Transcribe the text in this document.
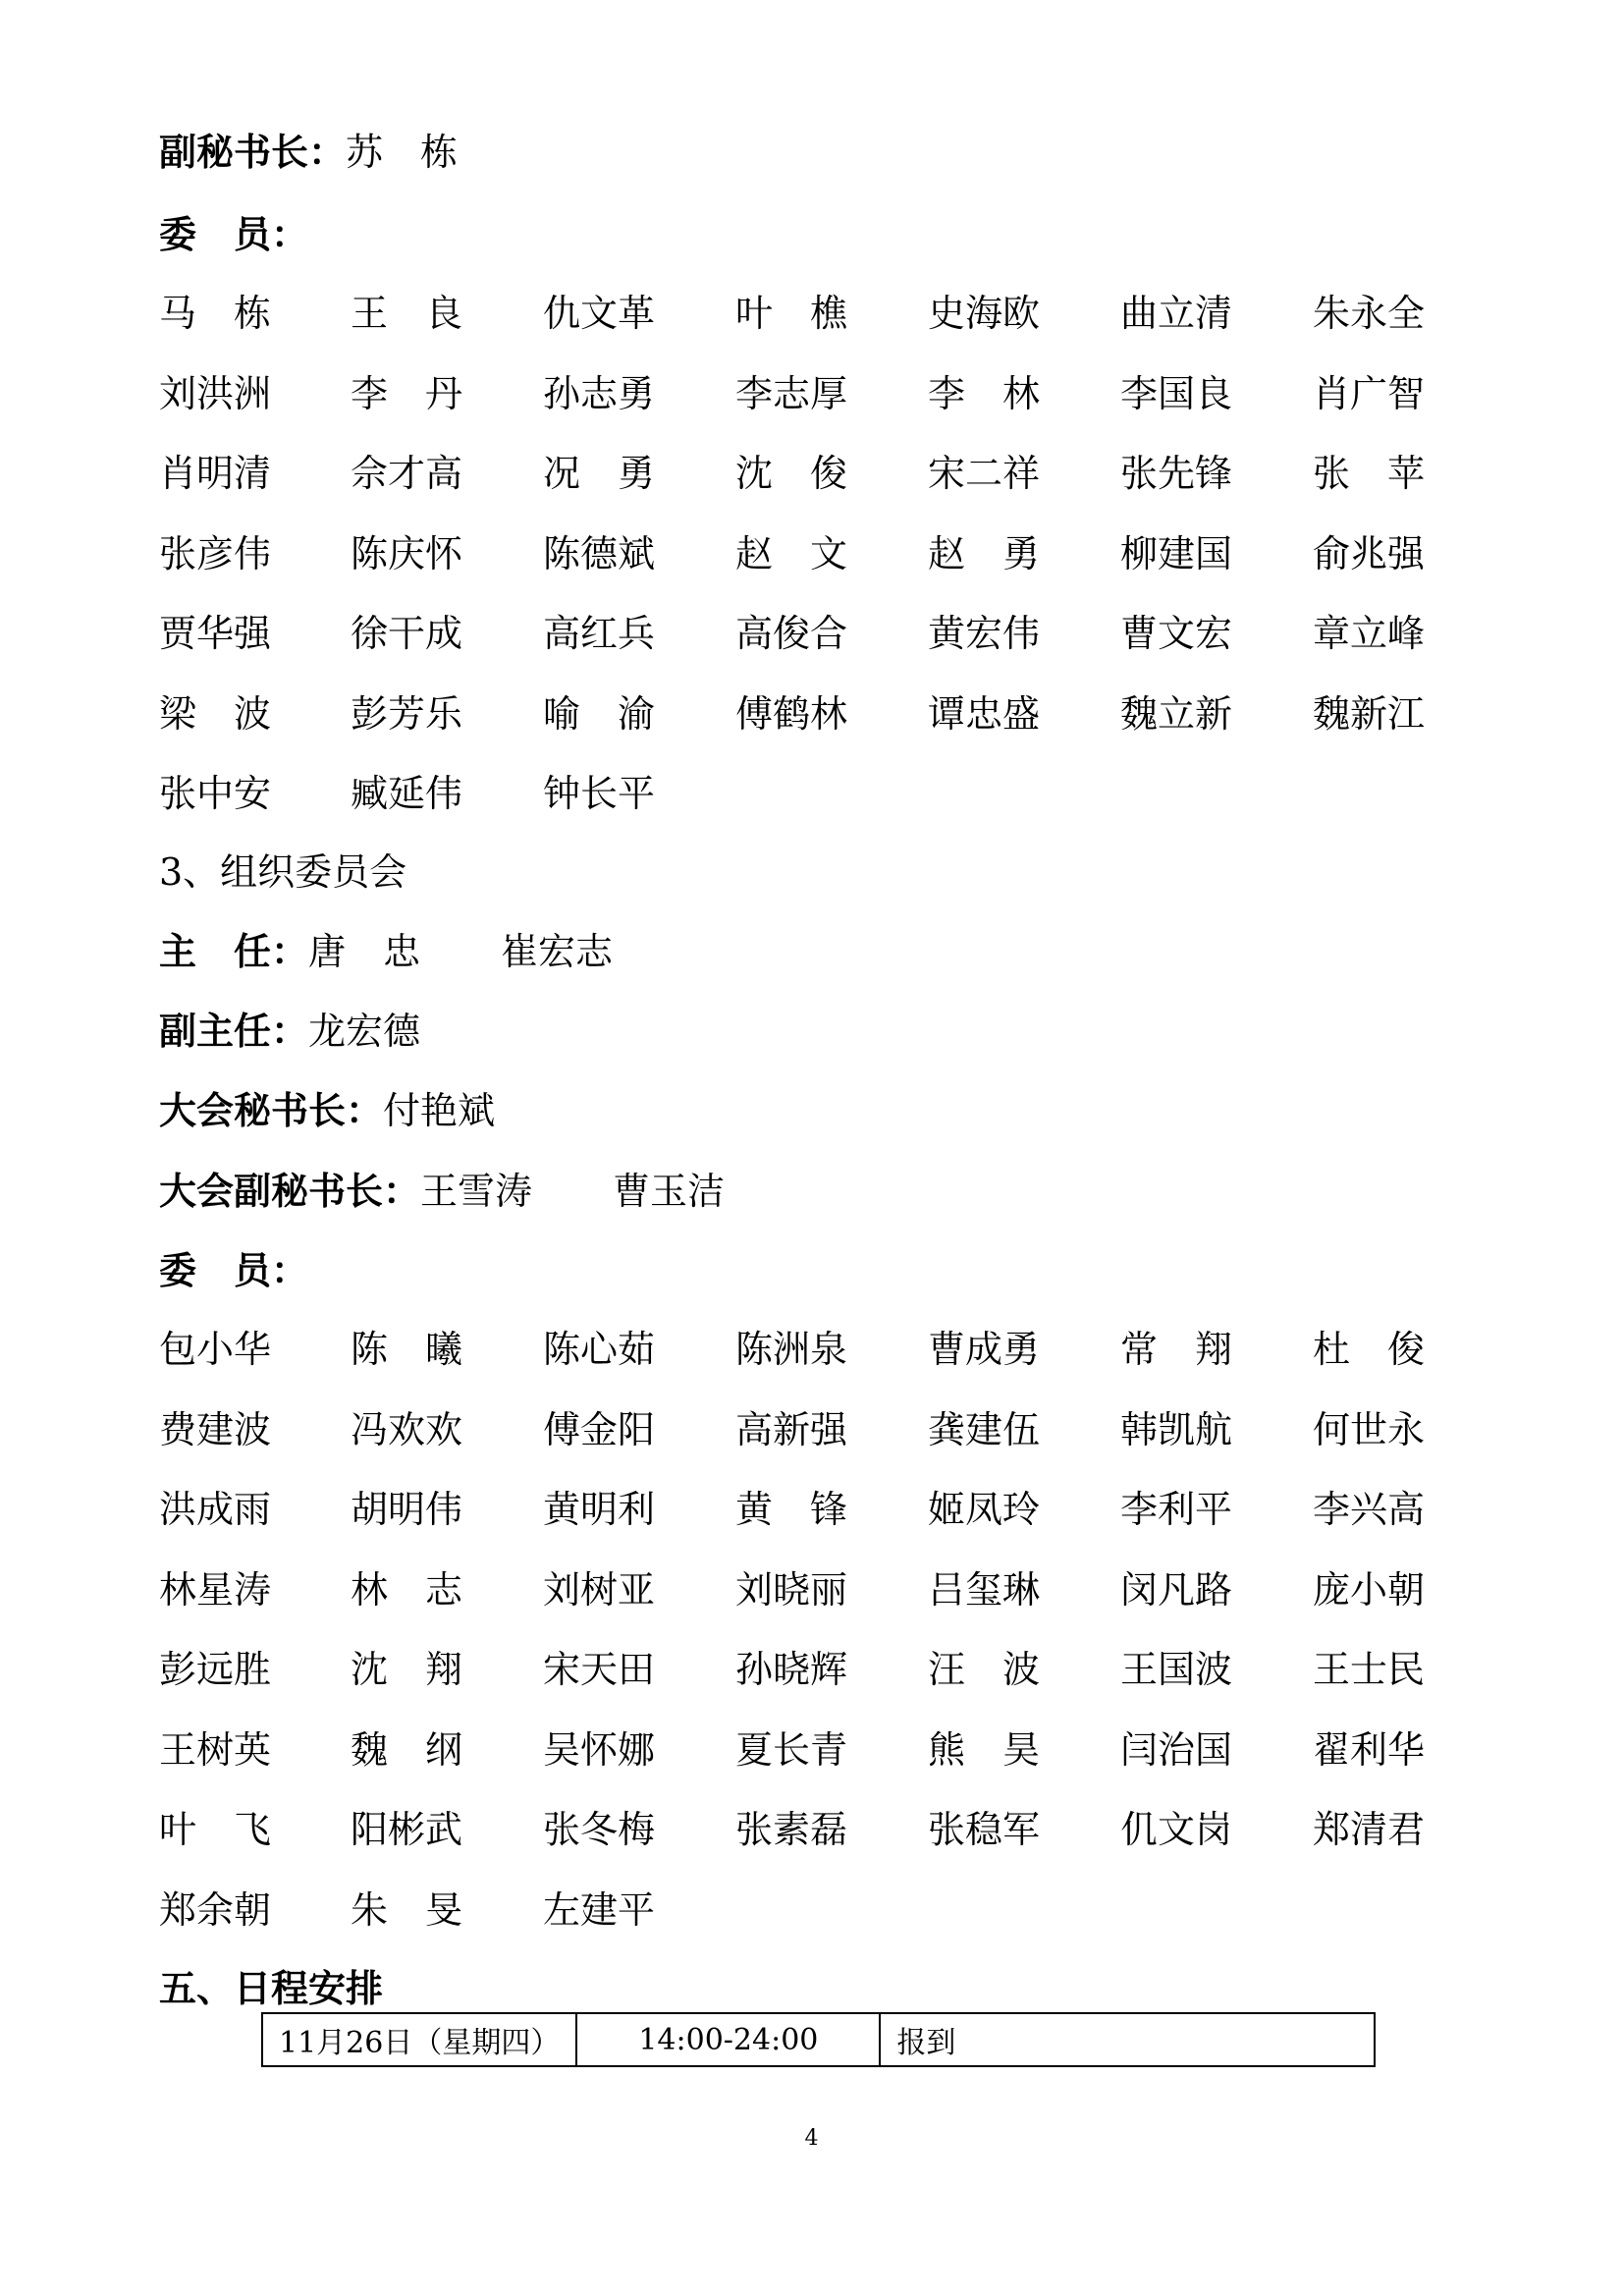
副秘书长：苏　栋
委　员：
马　栋 王　良 仇文革 叶　樵 史海欧 曲立清 朱永全
刘洪洲 李　丹 孙志勇 李志厚 李　林 李国良 肖广智
肖明清 佘才高 况　勇 沈　俊 宋二祥 张先锋 张　苹
张彦伟 陈庆怀 陈德斌 赵　文 赵　勇 柳建国 俞兆强
贾华强 徐干成 高红兵 高俊合 黄宏伟 曹文宏 章立峰
梁　波 彭芳乐 喻　渝 傅鹤林 谭忠盛 魏立新 魏新江
张中安 臧延伟 钟长平
3、组织委员会
主　任：唐　忠 崔宏志
副主任：龙宏德
大会秘书长：付艳斌
大会副秘书长：王雪涛 曹玉洁
委　员：
包小华 陈　曦 陈心茹 陈洲泉 曹成勇 常　翔 杜　俊
费建波 冯欢欢 傅金阳 高新强 龚建伍 韩凯航 何世永
洪成雨 胡明伟 黄明利 黄　锋 姬凤玲 李利平 李兴高
林星涛 林　志 刘树亚 刘晓丽 吕玺琳 闵凡路 庞小朝
彭远胜 沈　翔 宋天田 孙晓辉 汪　波 王国波 王士民
王树英 魏　纲 吴怀娜 夏长青 熊　昊 闫治国 翟利华
叶　飞 阳彬武 张冬梅 张素磊 张稳军 仉文岗 郑清君
郑余朝 朱　旻 左建平
五、日程安排
11月26日（星期四）	14:00-24:00	报到
4
